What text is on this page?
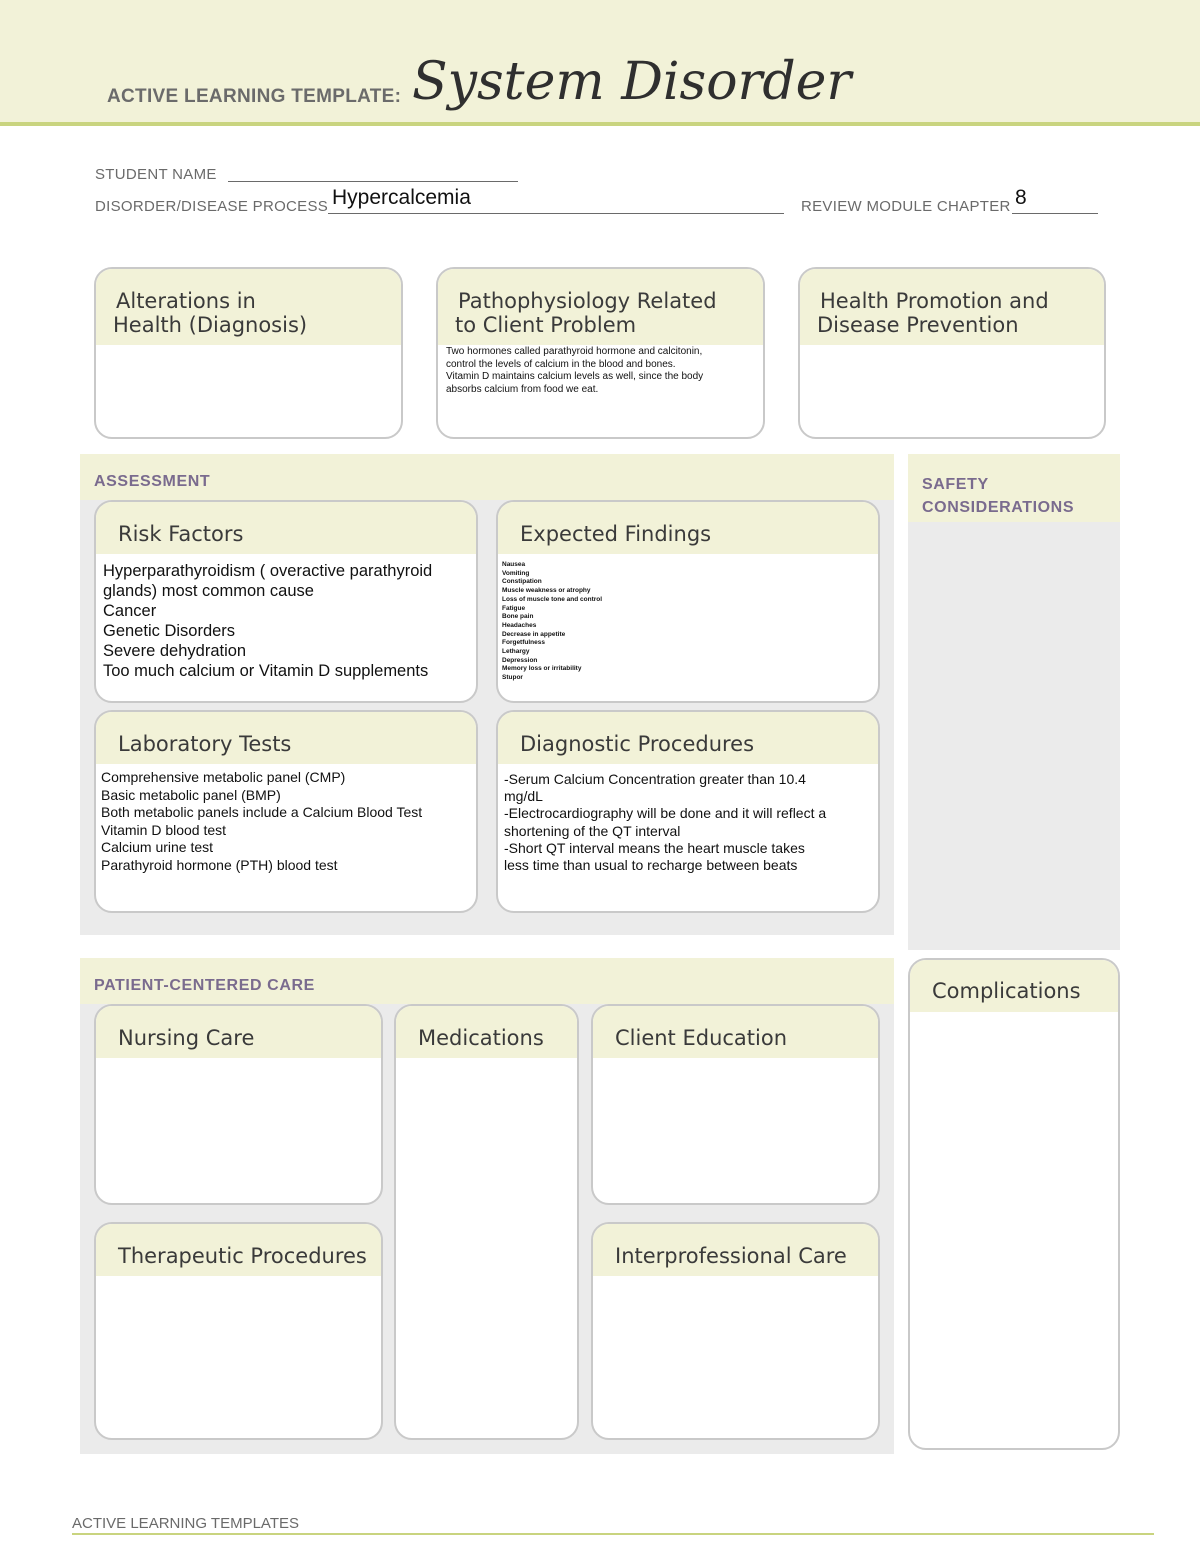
ACTIVE LEARNING TEMPLATE: System Disorder
STUDENT NAME
DISORDER/DISEASE PROCESS Hypercalcemia	REVIEW MODULE CHAPTER 8
Alterations in
Health (Diagnosis)
Pathophysiology Related
to Client Problem
Two hormones called parathyroid hormone and calcitonin,
control the levels of calcium in the blood and bones.
Vitamin D maintains calcium levels as well, since the body
absorbs calcium from food we eat.
Health Promotion and
Disease Prevention
ASSESSMENT
Risk Factors
Hyperparathyroidism ( overactive parathyroid
glands) most common cause
Cancer
Genetic Disorders
Severe dehydration
Too much calcium or Vitamin D supplements
Expected Findings
Nausea
Vomiting
Constipation
Muscle weakness or atrophy
Loss of muscle tone and control
Fatigue
Bone pain
Headaches
Decrease in appetite
Forgetfulness
Lethargy
Depression
Memory loss or irritability
Stupor
Laboratory Tests
Comprehensive metabolic panel (CMP)
Basic metabolic panel (BMP)
Both metabolic panels include a Calcium Blood Test
Vitamin D blood test
Calcium urine test
Parathyroid hormone (PTH) blood test
Diagnostic Procedures
-Serum Calcium Concentration greater than 10.4
mg/dL
-Electrocardiography will be done and it will reflect a
shortening of the QT interval
-Short QT interval means the heart muscle takes
less time than usual to recharge between beats
SAFETY
CONSIDERATIONS
Complications
PATIENT-CENTERED CARE
Nursing Care	Medications	Client Education
Therapeutic Procedures	Interprofessional Care
ACTIVE LEARNING TEMPLATES
